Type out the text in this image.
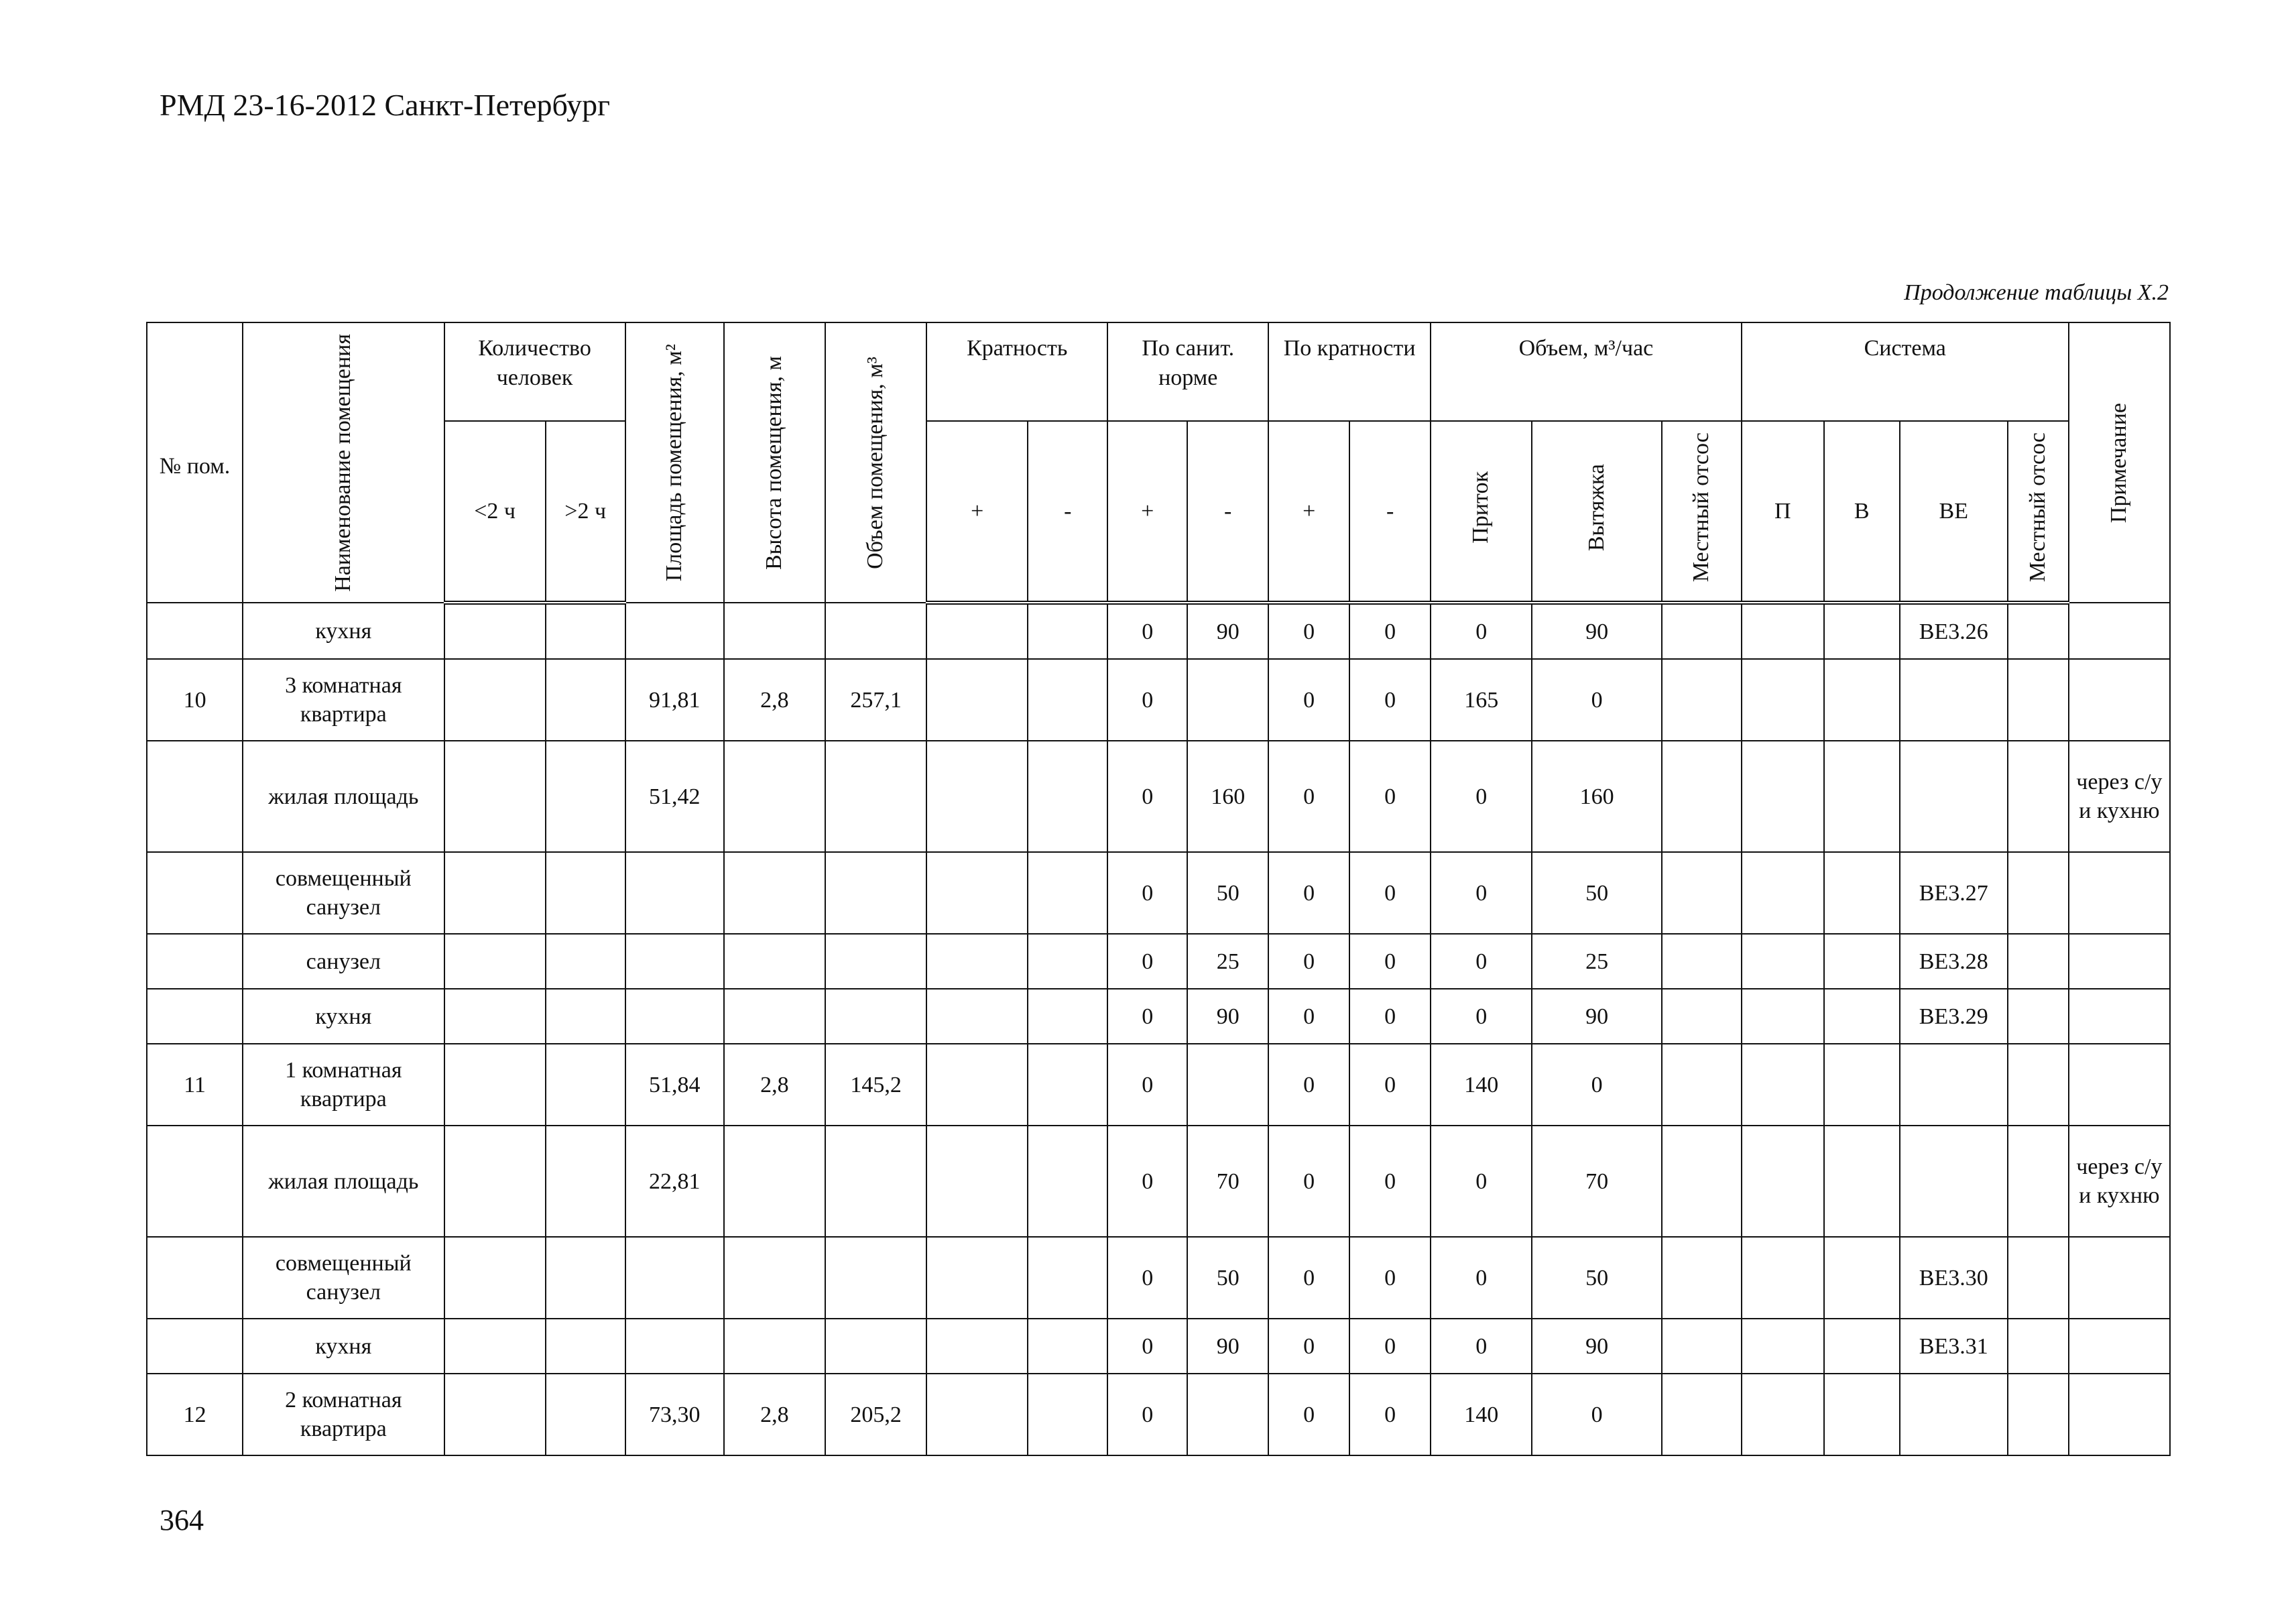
РМД 23-16-2012 Санкт-Петербург
Продолжение таблицы X.2
№ пом.	Наименование помещения	Количество человек		Площадь помещения, м²	Высота помещения, м	Объем помещения, м³	Кратность		По санит. норме		По кратности		Объем, м³/час			Система				Примечание
		<2 ч	>2 ч				+	-	+	-	+	-	Приток	Вытяжка	Местный отсос	П	В	ВЕ	Местный отсос	
	кухня								0	90	0	0	0	90				ВЕ3.26		
10	3 комнатная квартира			91,81	2,8	257,1			0		0	0	165	0						
	жилая площадь			51,42					0	160	0	0	0	160						через с/у и кухню
	совмещенный санузел								0	50	0	0	0	50				ВЕ3.27		
	санузел								0	25	0	0	0	25				ВЕ3.28		
	кухня								0	90	0	0	0	90				ВЕ3.29		
11	1 комнатная квартира			51,84	2,8	145,2			0		0	0	140	0						
	жилая площадь			22,81					0	70	0	0	0	70						через с/у и кухню
	совмещенный санузел								0	50	0	0	0	50				ВЕ3.30		
	кухня								0	90	0	0	0	90				ВЕ3.31		
12	2 комнатная квартира			73,30	2,8	205,2			0		0	0	140	0						
364
